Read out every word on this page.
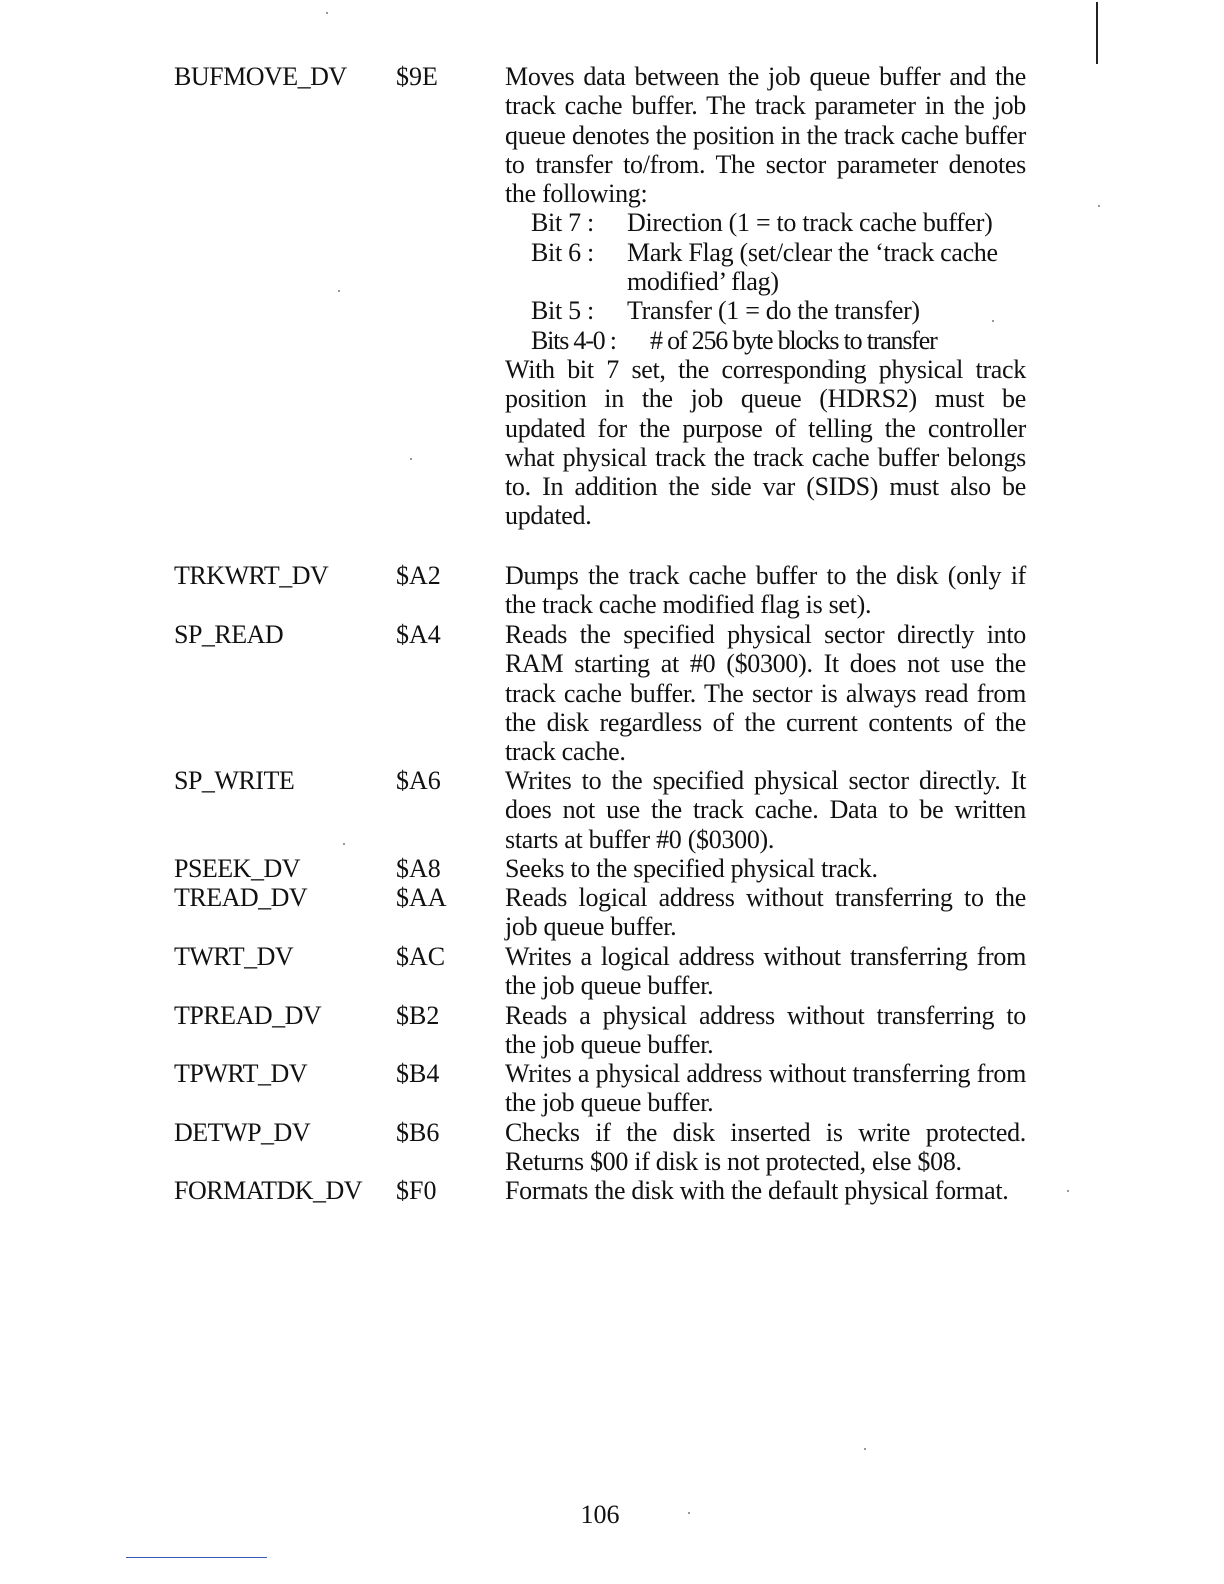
BUFMOVE_DV $9E	Moves data between the job queue buffer and the track cache buffer. The track parameter in the job queue denotes the position in the track cache buffer to transfer to/from. The sector parameter denotes the following:

Bit 7 :	Direction (1 = to track cache buffer)
Bit 6 :	Mark Flag (set/clear the ‘track cache modified’ flag)
Bit 5 :	Transfer (1 = do the transfer)
Bits 4-0 :	# of 256 byte blocks to transfer

With bit 7 set, the corresponding physical track position in the job queue (HDRS2) must be updated for the purpose of telling the controller what physical track the track cache buffer belongs to. In addition the side var (SIDS) must also be updated.

TRKWRT_DV	$A2 Dumps the track cache buffer to the disk (only if the track cache modified flag is set).
SP_READ	$A4 Reads the specified physical sector directly into RAM starting at #0 ($0300). It does not use the track cache buffer. The sector is always read from the disk regardless of the current contents of the track cache.
SP_WRITE	$A6 Writes to the specified physical sector directly. It does not use the track cache. Data to be written starts at buffer #0 ($0300).
PSEEK_DV	$A8 Seeks to the specified physical track.
TREAD_DV	$AA Reads logical address without transferring to the job queue buffer.
TWRT_DV	$AC Writes a logical address without transferring from the job queue buffer.
TPREAD_DV	$B2	Reads a physical address without transferring to the job queue buffer.
TPWRT_DV	$B4	Writes a physical address without transferring from the job queue buffer.
DETWP_DV	$B6	Checks if the disk inserted is write protected. Returns $00 if disk is not protected, else $08.
FORMATDK_DV $F0	Formats the disk with the default physical format.
106
